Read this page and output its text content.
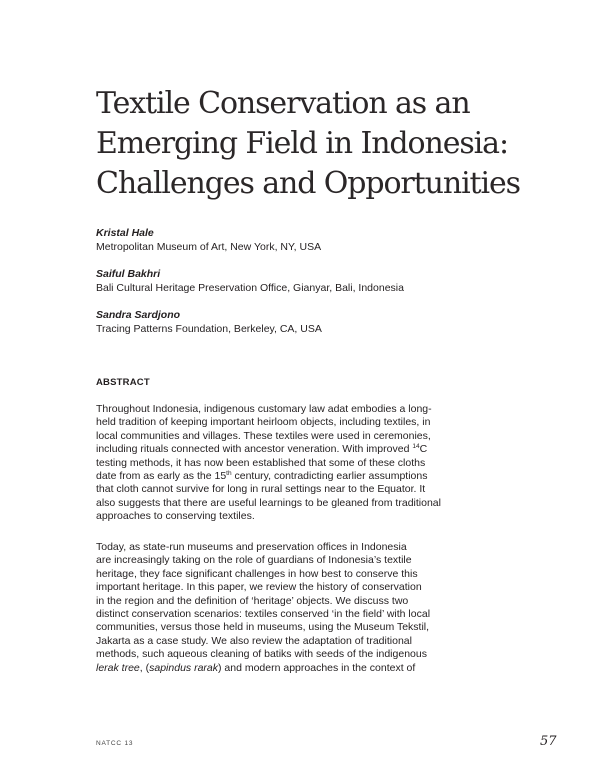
Textile Conservation as an
Emerging Field in Indonesia:
Challenges and Opportunities
Kristal Hale
Metropolitan Museum of Art, New York, NY, USA
Saiful Bakhri
Bali Cultural Heritage Preservation Office, Gianyar, Bali, Indonesia
Sandra Sardjono
Tracing Patterns Foundation, Berkeley, CA, USA
ABSTRACT
Throughout Indonesia, indigenous customary law adat embodies a long-
held tradition of keeping important heirloom objects, including textiles, in
local communities and villages. These textiles were used in ceremonies,
including rituals connected with ancestor veneration. With improved $^{14}$C
testing methods, it has now been established that some of these cloths
date from as early as the 15th century, contradicting earlier assumptions
that cloth cannot survive for long in rural settings near to the Equator. It
also suggests that there are useful learnings to be gleaned from traditional
approaches to conserving textiles.
Today, as state-run museums and preservation offices in Indonesia
are increasingly taking on the role of guardians of Indonesia’s textile
heritage, they face significant challenges in how best to conserve this
important heritage. In this paper, we review the history of conservation
in the region and the definition of ‘heritage’ objects. We discuss two
distinct conservation scenarios: textiles conserved ‘in the field’ with local
communities, versus those held in museums, using the Museum Tekstil,
Jakarta as a case study. We also review the adaptation of traditional
methods, such aqueous cleaning of batiks with seeds of the indigenous
lerak tree, (sapindus rarak) and modern approaches in the context of
NATCC 13	57
